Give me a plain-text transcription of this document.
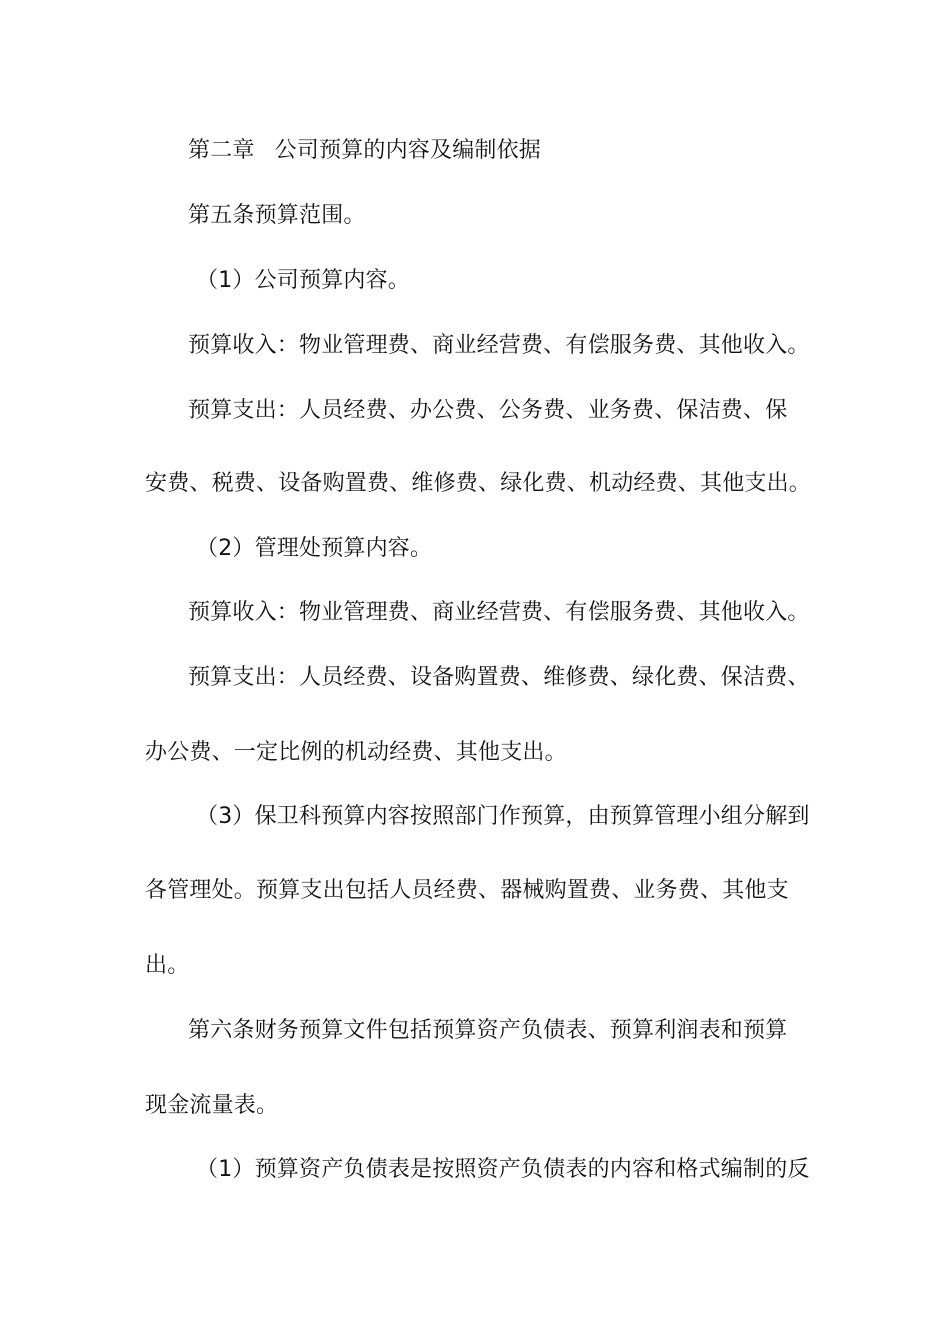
第二章 公司预算的内容及编制依据
第五条预算范围。
（1）公司预算内容。
预算收入：物业管理费、商业经营费、有偿服务费、其他收入。
预算支出：人员经费、办公费、公务费、业务费、保洁费、保
安费、税费、设备购置费、维修费、绿化费、机动经费、其他支出。
（2）管理处预算内容。
预算收入：物业管理费、商业经营费、有偿服务费、其他收入。
预算支出：人员经费、设备购置费、维修费、绿化费、保洁费、
办公费、一定比例的机动经费、其他支出。
（3）保卫科预算内容按照部门作预算，由预算管理小组分解到
各管理处。预算支出包括人员经费、器械购置费、业务费、其他支
出。
第六条财务预算文件包括预算资产负债表、预算利润表和预算
现金流量表。
（1）预算资产负债表是按照资产负债表的内容和格式编制的反
